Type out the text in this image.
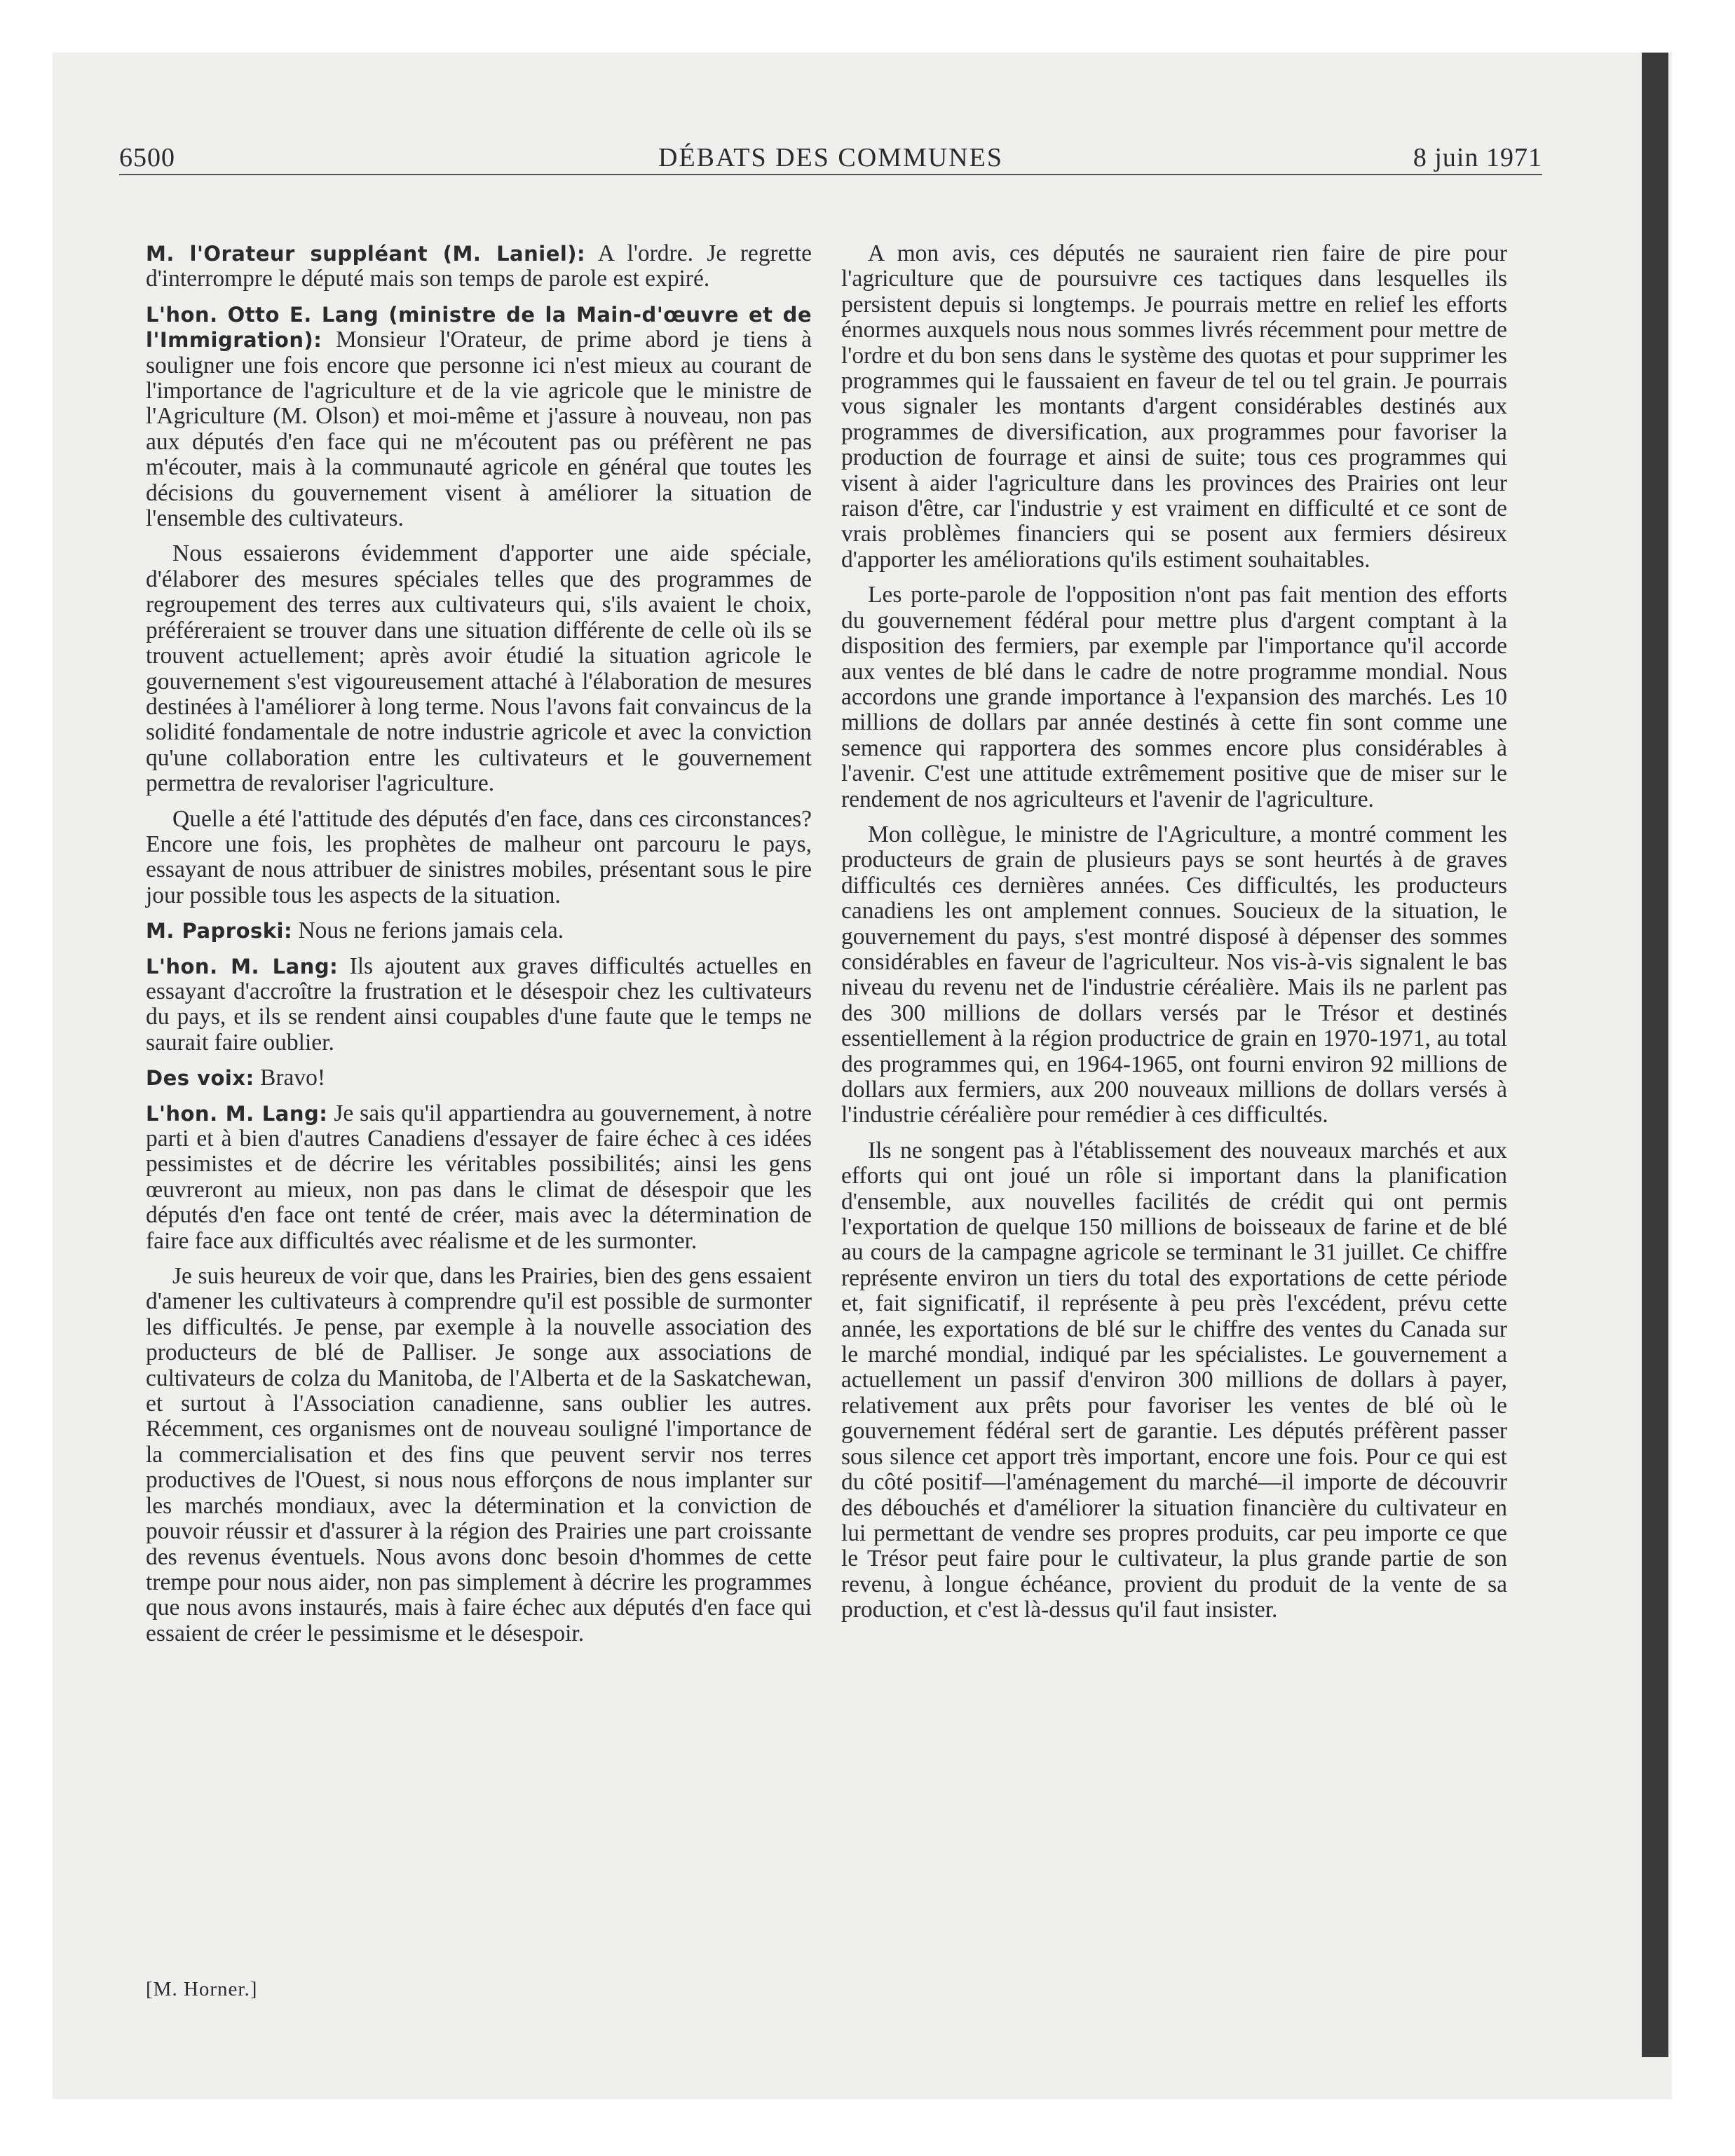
6500	DÉBATS DES COMMUNES	8 juin 1971

M. l'Orateur suppléant (M. Laniel): A l'ordre. Je regrette d'interrompre le député mais son temps de parole est expiré.

L'hon. Otto E. Lang (ministre de la Main-d'œuvre et de l'Immigration): Monsieur l'Orateur, de prime abord je tiens à souligner une fois encore que personne ici n'est mieux au courant de l'importance de l'agriculture et de la vie agricole que le ministre de l'Agriculture (M. Olson) et moi-même et j'assure à nouveau, non pas aux députés d'en face qui ne m'écoutent pas ou préfèrent ne pas m'écouter, mais à la communauté agricole en général que toutes les décisions du gouvernement visent à améliorer la situation de l'ensemble des cultivateurs.

Nous essaierons évidemment d'apporter une aide spéciale, d'élaborer des mesures spéciales telles que des programmes de regroupement des terres aux cultivateurs qui, s'ils avaient le choix, préféreraient se trouver dans une situation différente de celle où ils se trouvent actuellement; après avoir étudié la situation agricole le gouvernement s'est vigoureusement attaché à l'élaboration de mesures destinées à l'améliorer à long terme. Nous l'avons fait convaincus de la solidité fondamentale de notre industrie agricole et avec la conviction qu'une collaboration entre les cultivateurs et le gouvernement permettra de revaloriser l'agriculture.

Quelle a été l'attitude des députés d'en face, dans ces circonstances? Encore une fois, les prophètes de malheur ont parcouru le pays, essayant de nous attribuer de sinistres mobiles, présentant sous le pire jour possible tous les aspects de la situation.

M. Paproski: Nous ne ferions jamais cela.

L'hon. M. Lang: Ils ajoutent aux graves difficultés actuelles en essayant d'accroître la frustration et le désespoir chez les cultivateurs du pays, et ils se rendent ainsi coupables d'une faute que le temps ne saurait faire oublier.

Des voix: Bravo!

L'hon. M. Lang: Je sais qu'il appartiendra au gouvernement, à notre parti et à bien d'autres Canadiens d'essayer de faire échec à ces idées pessimistes et de décrire les véritables possibilités; ainsi les gens œuvreront au mieux, non pas dans le climat de désespoir que les députés d'en face ont tenté de créer, mais avec la détermination de faire face aux difficultés avec réalisme et de les surmonter.

Je suis heureux de voir que, dans les Prairies, bien des gens essaient d'amener les cultivateurs à comprendre qu'il est possible de surmonter les difficultés. Je pense, par exemple à la nouvelle association des producteurs de blé de Palliser. Je songe aux associations de cultivateurs de colza du Manitoba, de l'Alberta et de la Saskatchewan, et surtout à l'Association canadienne, sans oublier les autres. Récemment, ces organismes ont de nouveau souligné l'importance de la commercialisation et des fins que peuvent servir nos terres productives de l'Ouest, si nous nous efforçons de nous implanter sur les marchés mondiaux, avec la détermination et la conviction de pouvoir réussir et d'assurer à la région des Prairies une part croissante des revenus éventuels. Nous avons donc besoin d'hommes de cette trempe pour nous aider, non pas simplement à décrire les programmes que nous avons instaurés, mais à faire échec aux députés d'en face qui essaient de créer le pessimisme et le désespoir.

A mon avis, ces députés ne sauraient rien faire de pire pour l'agriculture que de poursuivre ces tactiques dans lesquelles ils persistent depuis si longtemps. Je pourrais mettre en relief les efforts énormes auxquels nous nous sommes livrés récemment pour mettre de l'ordre et du bon sens dans le système des quotas et pour supprimer les programmes qui le faussaient en faveur de tel ou tel grain. Je pourrais vous signaler les montants d'argent considérables destinés aux programmes de diversification, aux programmes pour favoriser la production de fourrage et ainsi de suite; tous ces programmes qui visent à aider l'agriculture dans les provinces des Prairies ont leur raison d'être, car l'industrie y est vraiment en difficulté et ce sont de vrais problèmes financiers qui se posent aux fermiers désireux d'apporter les améliorations qu'ils estiment souhaitables.

Les porte-parole de l'opposition n'ont pas fait mention des efforts du gouvernement fédéral pour mettre plus d'argent comptant à la disposition des fermiers, par exemple par l'importance qu'il accorde aux ventes de blé dans le cadre de notre programme mondial. Nous accordons une grande importance à l'expansion des marchés. Les 10 millions de dollars par année destinés à cette fin sont comme une semence qui rapportera des sommes encore plus considérables à l'avenir. C'est une attitude extrêmement positive que de miser sur le rendement de nos agriculteurs et l'avenir de l'agriculture.

Mon collègue, le ministre de l'Agriculture, a montré comment les producteurs de grain de plusieurs pays se sont heurtés à de graves difficultés ces dernières années. Ces difficultés, les producteurs canadiens les ont amplement connues. Soucieux de la situation, le gouvernement du pays, s'est montré disposé à dépenser des sommes considérables en faveur de l'agriculteur. Nos vis-à-vis signalent le bas niveau du revenu net de l'industrie céréalière. Mais ils ne parlent pas des 300 millions de dollars versés par le Trésor et destinés essentiellement à la région productrice de grain en 1970-1971, au total des programmes qui, en 1964-1965, ont fourni environ 92 millions de dollars aux fermiers, aux 200 nouveaux millions de dollars versés à l'industrie céréalière pour remédier à ces difficultés.

Ils ne songent pas à l'établissement des nouveaux marchés et aux efforts qui ont joué un rôle si important dans la planification d'ensemble, aux nouvelles facilités de crédit qui ont permis l'exportation de quelque 150 millions de boisseaux de farine et de blé au cours de la campagne agricole se terminant le 31 juillet. Ce chiffre représente environ un tiers du total des exportations de cette période et, fait significatif, il représente à peu près l'excédent, prévu cette année, les exportations de blé sur le chiffre des ventes du Canada sur le marché mondial, indiqué par les spécialistes. Le gouvernement a actuellement un passif d'environ 300 millions de dollars à payer, relativement aux prêts pour favoriser les ventes de blé où le gouvernement fédéral sert de garantie. Les députés préfèrent passer sous silence cet apport très important, encore une fois. Pour ce qui est du côté positif—l'aménagement du marché—il importe de découvrir des débouchés et d'améliorer la situation financière du cultivateur en lui permettant de vendre ses propres produits, car peu importe ce que le Trésor peut faire pour le cultivateur, la plus grande partie de son revenu, à longue échéance, provient du produit de la vente de sa production, et c'est là-dessus qu'il faut insister.

[M. Horner.]
